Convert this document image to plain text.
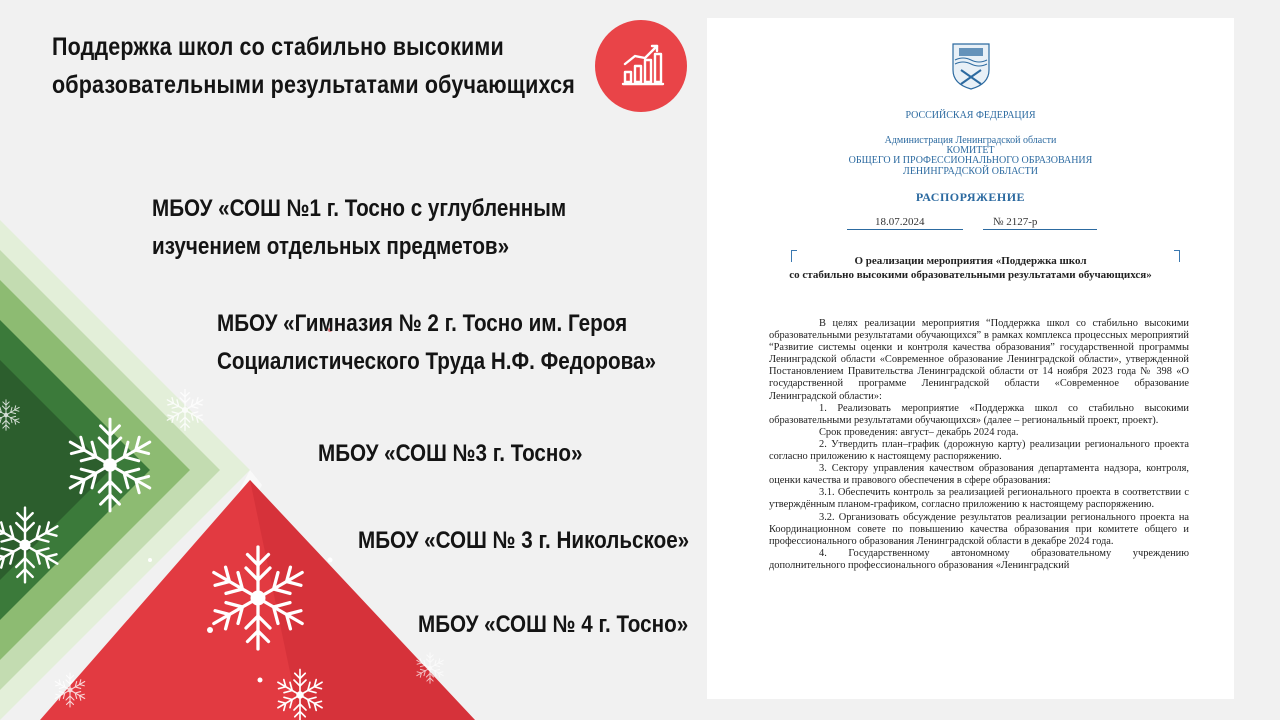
Поддержка школ со стабильно высокими
образовательными результатами обучающихся
МБОУ «СОШ №1 г. Тосно с углубленным
изучением отдельных предметов»
МБОУ «Гимназия № 2 г. Тосно им. Героя
Социалистического Труда Н.Ф. Федорова»
МБОУ «СОШ №3 г. Тосно»
МБОУ «СОШ № 3 г. Никольское»
МБОУ «СОШ № 4 г. Тосно»
РОССИЙСКАЯ ФЕДЕРАЦИЯ
Администрация Ленинградской области
КОМИТЕТ
ОБЩЕГО И ПРОФЕССИОНАЛЬНОГО ОБРАЗОВАНИЯ
ЛЕНИНГРАДСКОЙ ОБЛАСТИ
РАСПОРЯЖЕНИЕ
18.07.2024	№ 2127-р
О реализации мероприятия «Поддержка школ
со стабильно высокими образовательными результатами обучающихся»

В целях реализации мероприятия “Поддержка школ со стабильно высокими образовательными результатами обучающихся” в рамках комплекса процессных мероприятий “Развитие системы оценки и контроля качества образования” государственной программы Ленинградской области «Современное образование Ленинградской области», утвержденной Постановлением Правительства Ленинградской области от 14 ноября 2023 года № 398 «О государственной программе Ленинградской области «Современное образование Ленинградской области»:

1. Реализовать мероприятие «Поддержка школ со стабильно высокими образовательными результатами обучающихся» (далее – региональный проект, проект).

Срок проведения: август– декабрь 2024 года.

2. Утвердить план–график (дорожную карту) реализации регионального проекта согласно приложению к настоящему распоряжению.

3. Сектору управления качеством образования департамента надзора, контроля, оценки качества и правового обеспечения в сфере образования:

3.1. Обеспечить контроль за реализацией регионального проекта в соответствии с утверждённым планом-графиком, согласно приложению к настоящему распоряжению.

3.2. Организовать обсуждение результатов реализации регионального проекта на Координационном совете по повышению качества образования при комитете общего и профессионального образования Ленинградской области в декабре 2024 года.

4. Государственному автономному образовательному учреждению дополнительного профессионального образования «Ленинградский
